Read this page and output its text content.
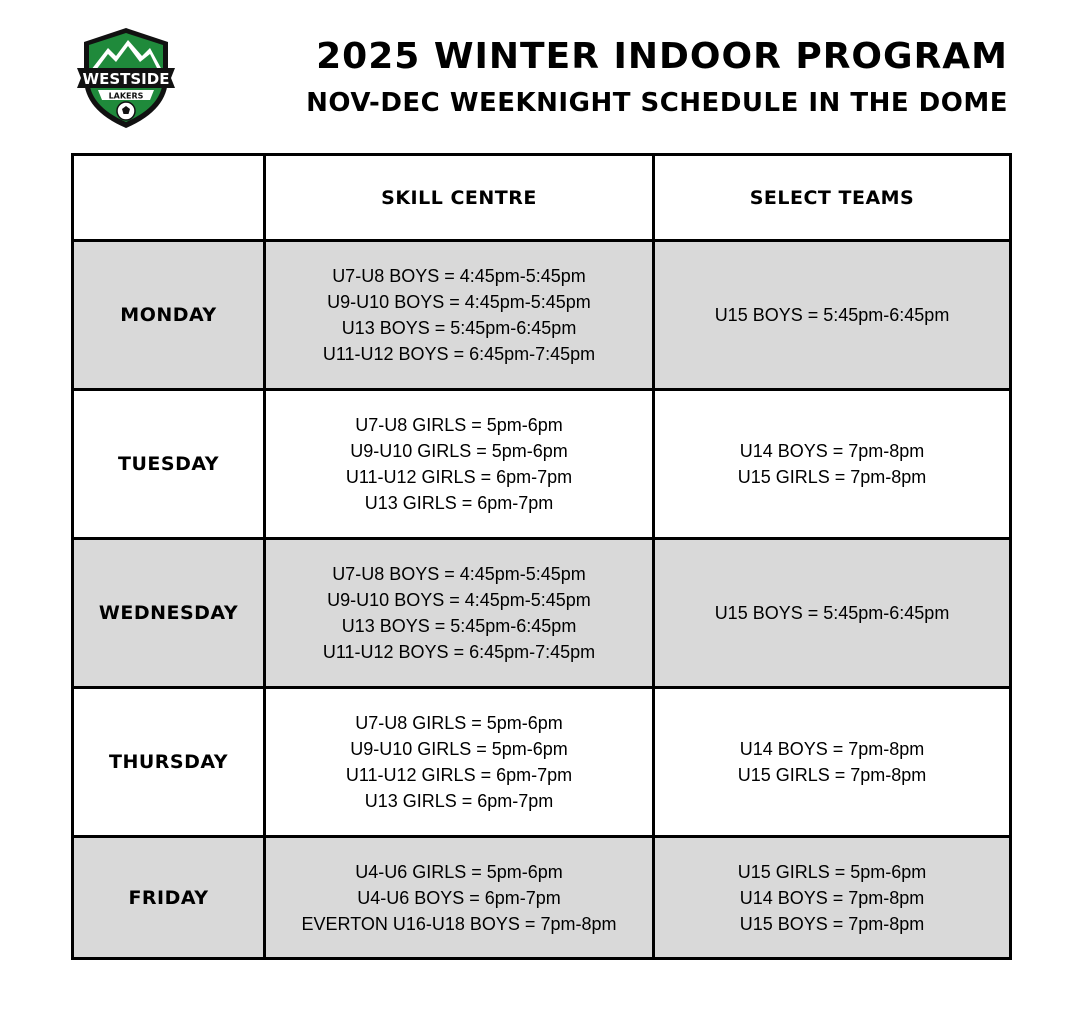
WESTSIDE
LAKERS
2025 WINTER INDOOR PROGRAM
NOV-DEC WEEKNIGHT SCHEDULE IN THE DOME
	SKILL CENTRE	SELECT TEAMS
MONDAY	U7-U8 BOYS = 4:45pm-5:45pm
U9-U10 BOYS = 4:45pm-5:45pm
U13 BOYS = 5:45pm-6:45pm
U11-U12 BOYS = 6:45pm-7:45pm	U15 BOYS = 5:45pm-6:45pm

TUESDAY	U7-U8 GIRLS = 5pm-6pm
U9-U10 GIRLS = 5pm-6pm
U11-U12 GIRLS = 6pm-7pm
U13 GIRLS = 6pm-7pm	U14 BOYS = 7pm-8pm
U15 GIRLS = 7pm-8pm

WEDNESDAY	U7-U8 BOYS = 4:45pm-5:45pm
U9-U10 BOYS = 4:45pm-5:45pm
U13 BOYS = 5:45pm-6:45pm
U11-U12 BOYS = 6:45pm-7:45pm	U15 BOYS = 5:45pm-6:45pm

THURSDAY	U7-U8 GIRLS = 5pm-6pm
U9-U10 GIRLS = 5pm-6pm
U11-U12 GIRLS = 6pm-7pm
U13 GIRLS = 6pm-7pm	U14 BOYS = 7pm-8pm
U15 GIRLS = 7pm-8pm

FRIDAY	U4-U6 GIRLS = 5pm-6pm
U4-U6 BOYS = 6pm-7pm
EVERTON U16-U18 BOYS = 7pm-8pm	U15 GIRLS = 5pm-6pm
U14 BOYS = 7pm-8pm
U15 BOYS = 7pm-8pm
